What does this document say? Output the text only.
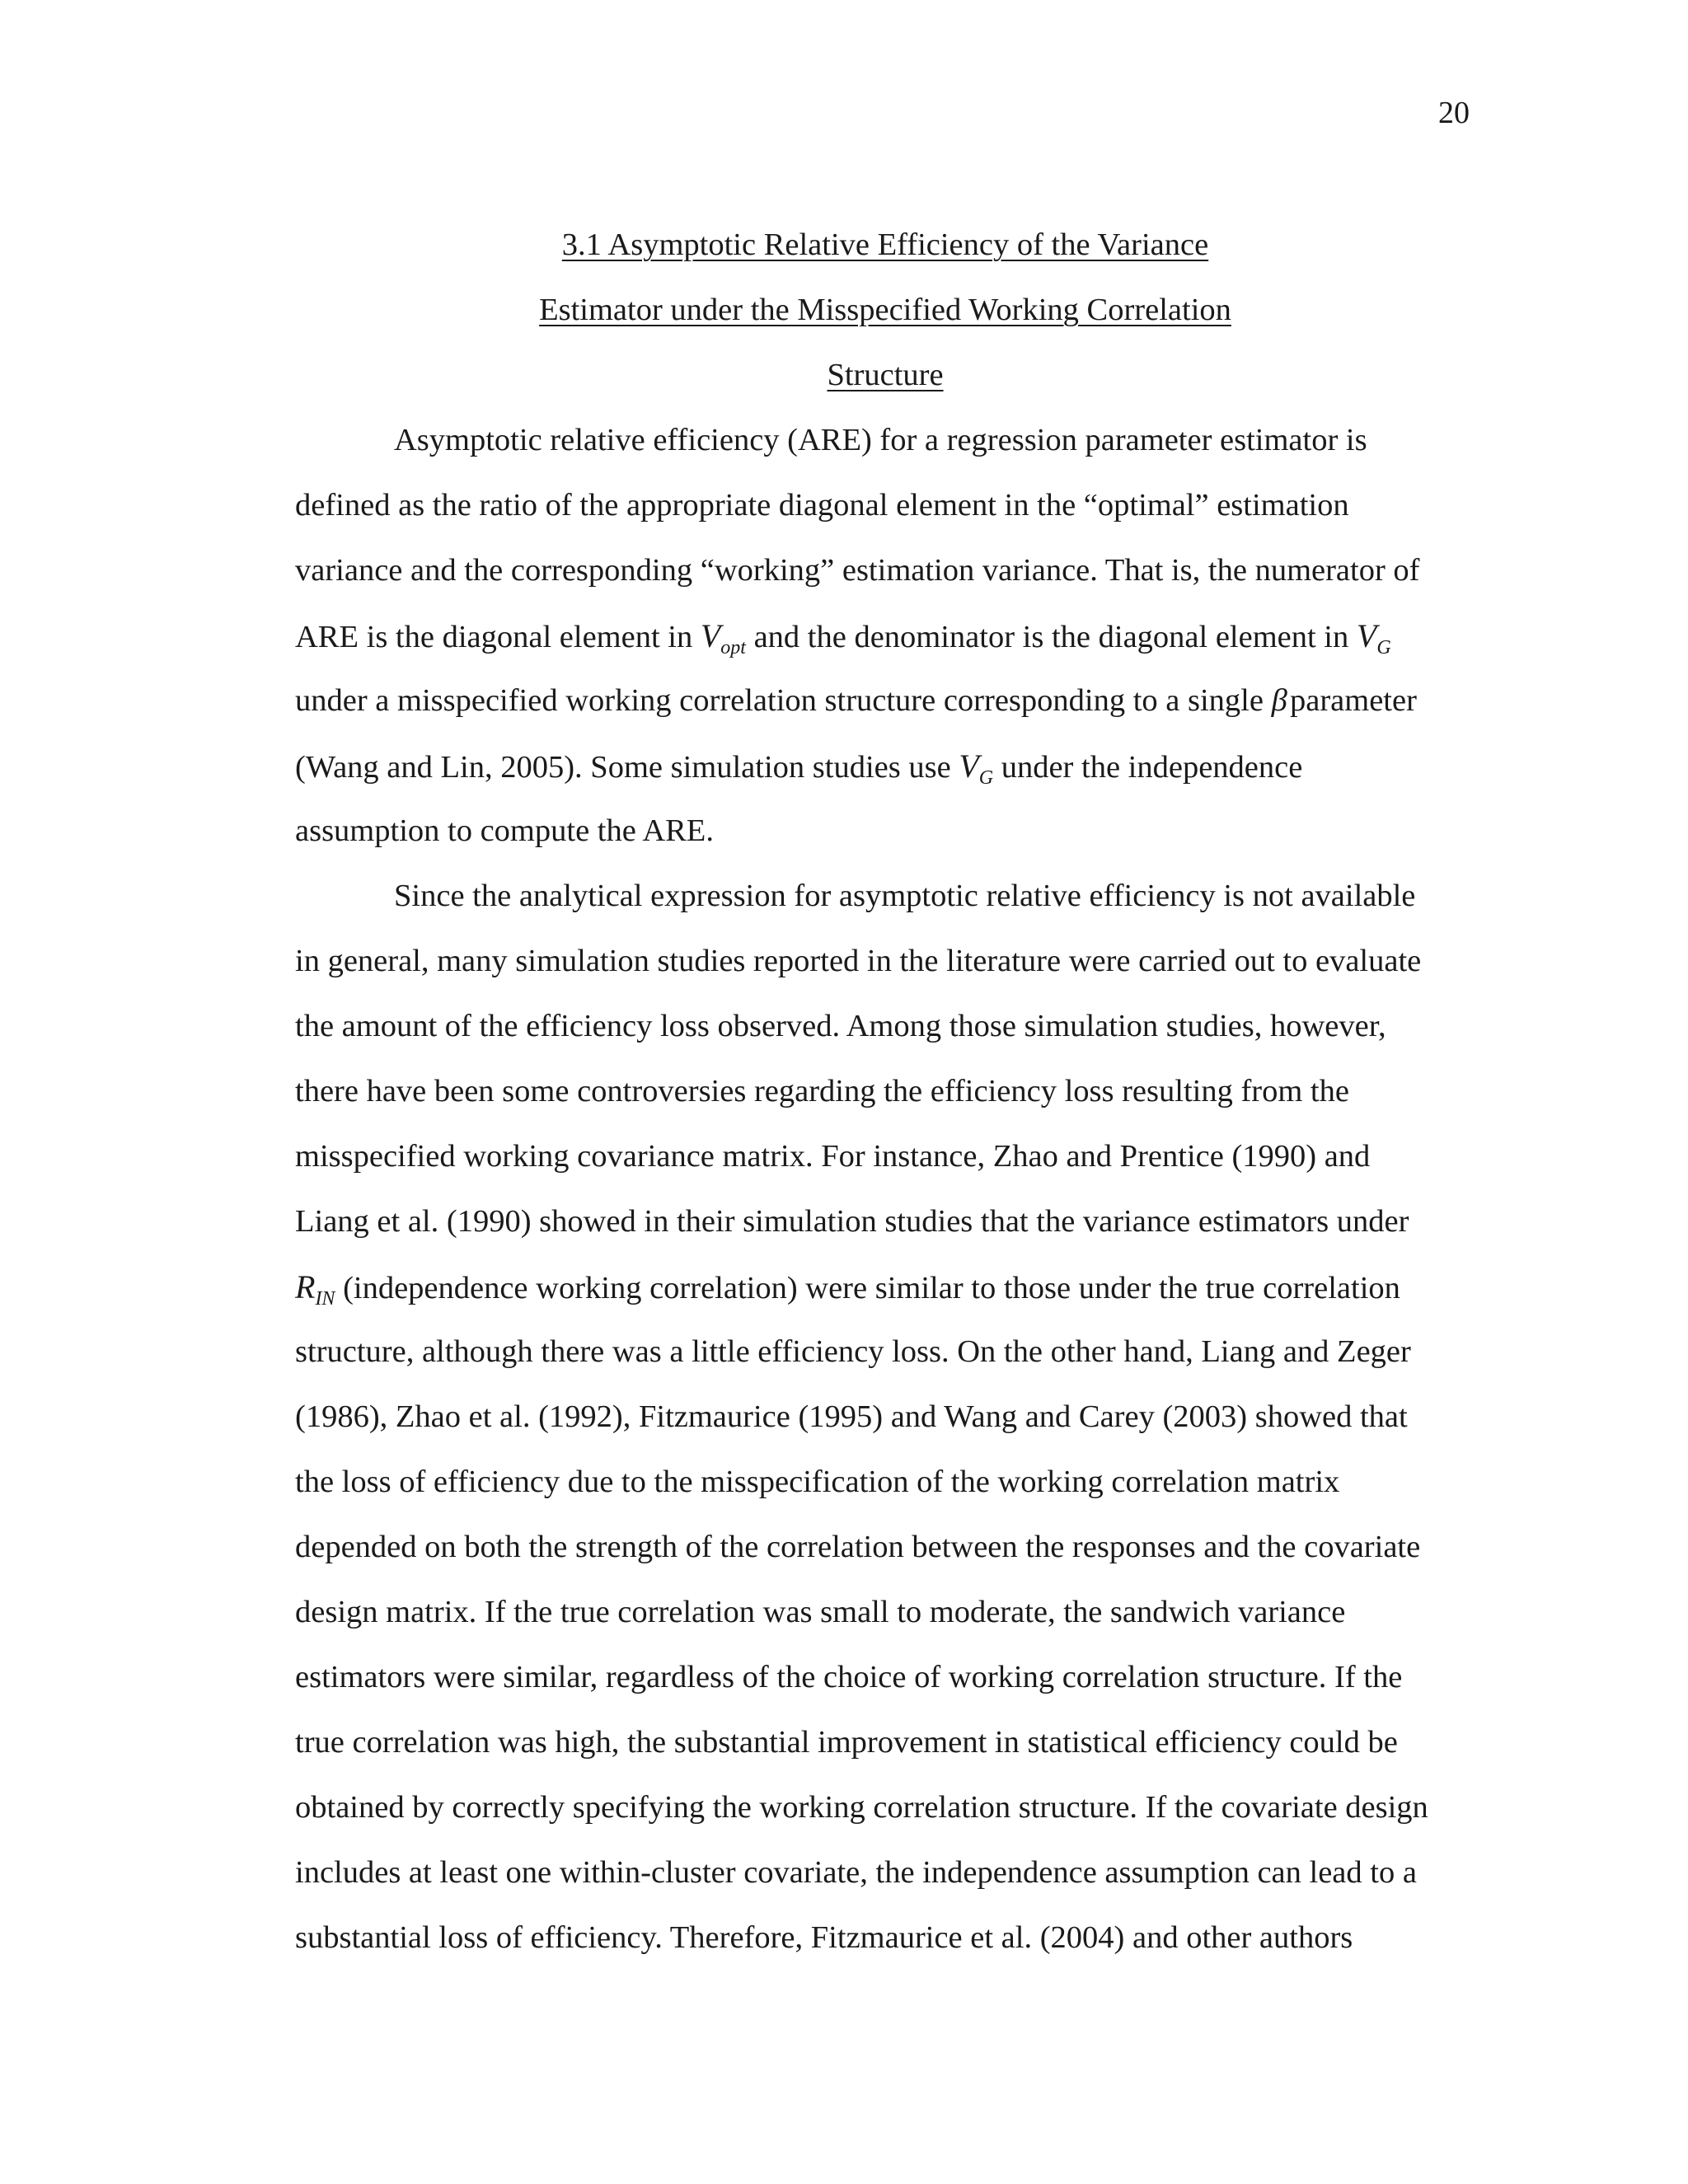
20
3.1 Asymptotic Relative Efficiency of the Variance
Estimator under the Misspecified Working Correlation
Structure
Asymptotic relative efficiency (ARE) for a regression parameter estimator is
defined as the ratio of the appropriate diagonal element in the “optimal” estimation
variance and the corresponding “working” estimation variance. That is, the numerator of
ARE is the diagonal element in $V_{opt}$ and the denominator is the diagonal element in $V_G$
under a misspecified working correlation structure corresponding to a single β parameter
(Wang and Lin, 2005). Some simulation studies use $V_G$ under the independence
assumption to compute the ARE.
Since the analytical expression for asymptotic relative efficiency is not available
in general, many simulation studies reported in the literature were carried out to evaluate
the amount of the efficiency loss observed. Among those simulation studies, however,
there have been some controversies regarding the efficiency loss resulting from the
misspecified working covariance matrix. For instance, Zhao and Prentice (1990) and
Liang et al. (1990) showed in their simulation studies that the variance estimators under
$R_{IN}$ (independence working correlation) were similar to those under the true correlation
structure, although there was a little efficiency loss. On the other hand, Liang and Zeger
(1986), Zhao et al. (1992), Fitzmaurice (1995) and Wang and Carey (2003) showed that
the loss of efficiency due to the misspecification of the working correlation matrix
depended on both the strength of the correlation between the responses and the covariate
design matrix. If the true correlation was small to moderate, the sandwich variance
estimators were similar, regardless of the choice of working correlation structure. If the
true correlation was high, the substantial improvement in statistical efficiency could be
obtained by correctly specifying the working correlation structure. If the covariate design
includes at least one within-cluster covariate, the independence assumption can lead to a
substantial loss of efficiency. Therefore, Fitzmaurice et al. (2004) and other authors
